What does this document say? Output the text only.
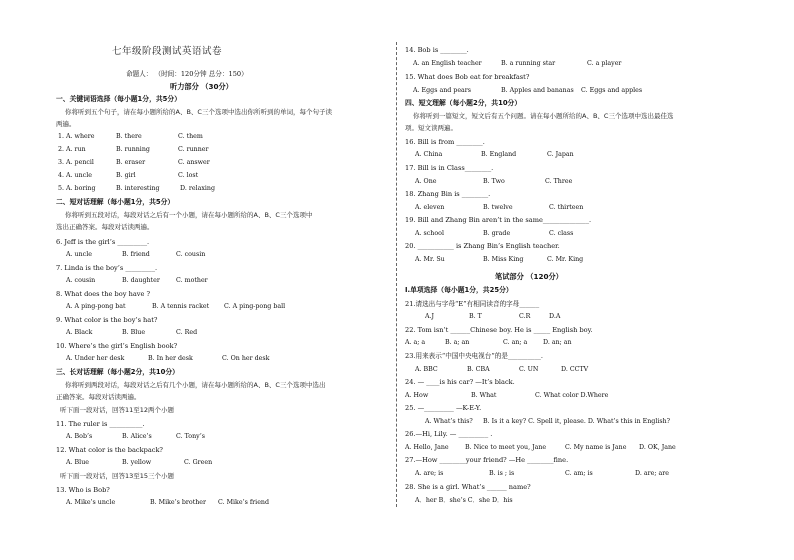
七年级阶段测试英语试卷
命题人： （时间：120分钟 总分：150）
听力部分 （30分）
一、关键词语选择（每小题1分，共5分）
你将听到五个句子，请在每小题所给的A、B、C三个选项中选出你所听到的单词，每个句子读
两遍。
1. A. where	B. there	C. them
2. A. run	B. running	C. runner
3. A. pencil	B. eraser	C. answer
4. A. uncle	B. girl	C. lost
5. A. boring	B. interesting	D. relaxing
二、短对话理解（每小题1分，共5分）
你将听到五段对话，每段对话之后有一个小题，请在每小题所给的A、B、C三个选项中
选出正确答案。每段对话读两遍。
6. Jeff is the girl’s _________.
A. uncle	B. friend	C. cousin
7. Linda is the boy’s _________.
A. cousin	B. daughter	C. mother
8. What does the boy have ?
A. A ping-pong bat	B. A tennis racket C. A ping-pong ball
9. What color is the boy’s hat?
A. Black	B. Blue	C. Red
10. Where’s the girl’s English book?
A. Under her desk	B. In her desk	C. On her desk
三、长对话理解（每小题2分，共10分）
你将听到两段对话，每段对话之后有几个小题，请在每小题所给的A、B、C三个选项中选出
正确答案。每段对话读两遍。
听下面一段对话，回答11至12两个小题
11. The ruler is __________.
A. Bob’s	B. Alice’s	C. Tony’s
12. What color is the backpack?
A. Blue	B. yellow	C. Green
听下面一段对话，回答13至15三个小题
13. Who is Bob?
A. Mike’s uncle	B. Mike’s brother C. Mike’s friend
14. Bob is ________.
A. an English teacher	B. a running star	C. a player
15. What does Bob eat for breakfast?
A. Eggs and pears	B. Apples and bananas C. Eggs and apples
四、短文理解（每小题2分，共10分）
你将听到一篇短文，短文后有五个问题。请在每小题所给的A、B、C三个选项中选出最佳选
项。短文读两遍。
16. Bill is from ________.
A. China	B. England	C. Japan
17. Bill is in Class________.
A. One	B. Two	C. Three
18. Zhang Bin is ________.
A. eleven	B. twelve	C. thirteen
19. Bill and Zhang Bin aren’t in the same______________.
A. school	B. grade	C. class
20. ___________ is Zhang Bin’s English teacher.
A. Mr. Su	B. Miss King	C. Mr. King
笔试部分 （120分）
I.单项选择（每小题1分，共25分）
21.请选出与字母“E”有相同读音的字母______
A.J	B. T	C.R	D.A
22. Tom isn’t ______Chinese boy. He is _____ English boy.
A. a; a	B. a; an	C. an; a D. an; an
23.用来表示“中国中央电视台”的是__________.
A. BBC	B. CBA	C. UN	D. CCTV
24. — ____is his car? —It’s black.
A. How	B. What	C. What color D.Where
25. —_________ —K-E-Y.
A. What’s this? B. Is it a key? C. Spell it, please. D. What’s this in English?
26.—Hi, Lily. — _________ .
A. Hello, Jane	B. Nice to meet you, Jane	C. My name is Jane D. OK, Jane
27.—How ________your friend? —He ________fine.
A. are; is	B. is ; is	C. am; is	D. are; are
28. She is a girl. What’s ______ name?
A．her B．she’s C．she D．his
